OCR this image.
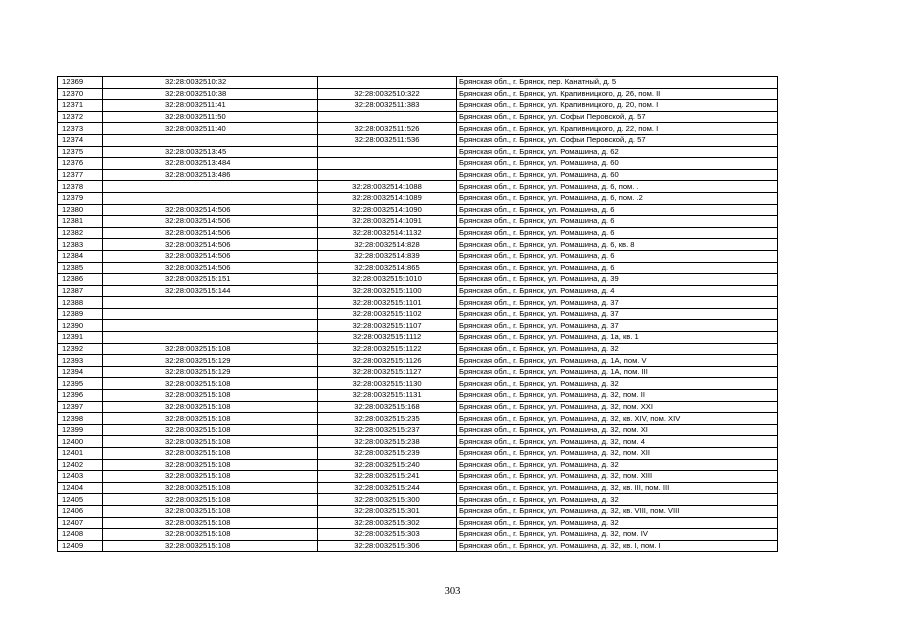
12369	32:28:0032510:32		Брянская обл., г. Брянск, пер. Канатный, д. 5
12370	32:28:0032510:38	32:28:0032510:322	Брянская обл., г. Брянск, ул. Крапивницкого, д. 26, пом. II
12371	32:28:0032511:41	32:28:0032511:383	Брянская обл., г. Брянск, ул. Крапивницкого, д. 20, пом. I
12372	32:28:0032511:50		Брянская обл., г. Брянск, ул. Софьи Перовской, д. 57
12373	32:28:0032511:40	32:28:0032511:526	Брянская обл., г. Брянск, ул. Крапивницкого, д. 22, пом. I
12374		32:28:0032511:536	Брянская обл., г. Брянск, ул. Софьи Перовской, д. 57
12375	32:28:0032513:45		Брянская обл., г. Брянск, ул. Ромашина, д. 62
12376	32:28:0032513:484		Брянская обл., г. Брянск, ул. Ромашина, д. 60
12377	32:28:0032513:486		Брянская обл., г. Брянск, ул. Ромашина, д. 60
12378		32:28:0032514:1088	Брянская обл., г. Брянск, ул. Ромашина, д. 6, пом. .
12379		32:28:0032514:1089	Брянская обл., г. Брянск, ул. Ромашина, д. 6, пом. .2
12380	32:28:0032514:506	32:28:0032514:1090	Брянская обл., г. Брянск, ул. Ромашина, д. 6
12381	32:28:0032514:506	32:28:0032514:1091	Брянская обл., г. Брянск, ул. Ромашина, д. 6
12382	32:28:0032514:506	32:28:0032514:1132	Брянская обл., г. Брянск, ул. Ромашина, д. 6
12383	32:28:0032514:506	32:28:0032514:828	Брянская обл., г. Брянск, ул. Ромашина, д. 6, кв. 8
12384	32:28:0032514:506	32:28:0032514:839	Брянская обл., г. Брянск, ул. Ромашина, д. 6
12385	32:28:0032514:506	32:28:0032514:865	Брянская обл., г. Брянск, ул. Ромашина, д. 6
12386	32:28:0032515:151	32:28:0032515:1010	Брянская обл., г. Брянск, ул. Ромашина, д. 39
12387	32:28:0032515:144	32:28:0032515:1100	Брянская обл., г. Брянск, ул. Ромашина, д. 4
12388		32:28:0032515:1101	Брянская обл., г. Брянск, ул. Ромашина, д. 37
12389		32:28:0032515:1102	Брянская обл., г. Брянск, ул. Ромашина, д. 37
12390		32:28:0032515:1107	Брянская обл., г. Брянск, ул. Ромашина, д. 37
12391		32:28:0032515:1112	Брянская обл., г. Брянск, ул. Ромашина, д. 1а, кв. 1
12392	32:28:0032515:108	32:28:0032515:1122	Брянская обл., г. Брянск, ул. Ромашина, д. 32
12393	32:28:0032515:129	32:28:0032515:1126	Брянская обл., г. Брянск, ул. Ромашина, д. 1А, пом. V
12394	32:28:0032515:129	32:28:0032515:1127	Брянская обл., г. Брянск, ул. Ромашина, д. 1А, пом. III
12395	32:28:0032515:108	32:28:0032515:1130	Брянская обл., г. Брянск, ул. Ромашина, д. 32
12396	32:28:0032515:108	32:28:0032515:1131	Брянская обл., г. Брянск, ул. Ромашина, д. 32, пом. II
12397	32:28:0032515:108	32:28:0032515:168	Брянская обл., г. Брянск, ул. Ромашина, д. 32, пом. XXI
12398	32:28:0032515:108	32:28:0032515:235	Брянская обл., г. Брянск, ул. Ромашина, д. 32, кв. XIV, пом. XIV
12399	32:28:0032515:108	32:28:0032515:237	Брянская обл., г. Брянск, ул. Ромашина, д. 32, пом. XI
12400	32:28:0032515:108	32:28:0032515:238	Брянская обл., г. Брянск, ул. Ромашина, д. 32, пом. 4
12401	32:28:0032515:108	32:28:0032515:239	Брянская обл., г. Брянск, ул. Ромашина, д. 32, пом. XII
12402	32:28:0032515:108	32:28:0032515:240	Брянская обл., г. Брянск, ул. Ромашина, д. 32
12403	32:28:0032515:108	32:28:0032515:241	Брянская обл., г. Брянск, ул. Ромашина, д. 32, пом. XIII
12404	32:28:0032515:108	32:28:0032515:244	Брянская обл., г. Брянск, ул. Ромашина, д. 32, кв. III, пом. III
12405	32:28:0032515:108	32:28:0032515:300	Брянская обл., г. Брянск, ул. Ромашина, д. 32
12406	32:28:0032515:108	32:28:0032515:301	Брянская обл., г. Брянск, ул. Ромашина, д. 32, кв. VIII, пом. VIII
12407	32:28:0032515:108	32:28:0032515:302	Брянская обл., г. Брянск, ул. Ромашина, д. 32
12408	32:28:0032515:108	32:28:0032515:303	Брянская обл., г. Брянск, ул. Ромашина, д. 32, пом. IV
12409	32:28:0032515:108	32:28:0032515:306	Брянская обл., г. Брянск, ул. Ромашина, д. 32, кв. I, пом. I
303
